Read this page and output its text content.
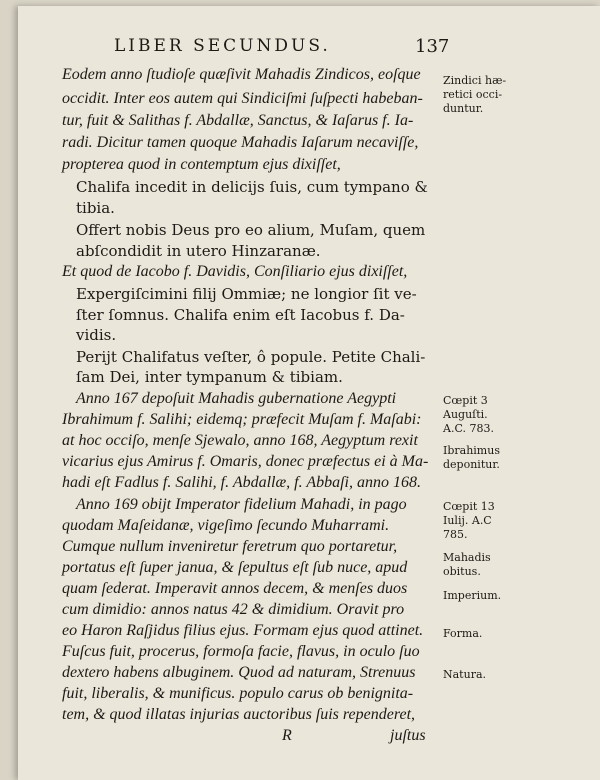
LIBER SECUNDUS.	137
Eodem anno ſtudioſe quæſivit Mahadis Zindicos, eoſque
occidit. Inter eos autem qui Sindiciſmi ſuſpecti habeban-
tur, fuit & Salithas f. Abdallæ, Sanctus, & Iaſarus f. Ia-
radi. Dicitur tamen quoque Mahadis Iaſarum necaviſſe,
propterea quod in contemptum ejus dixiſſet,
Chalifa incedit in delicijs ſuis, cum tympano &
tibia.
Offert nobis Deus pro eo alium, Muſam, quem
abſcondidit in utero Hinzaranæ.
Et quod de Iacobo f. Davidis, Conſiliario ejus dixiſſet,
Expergiſcimini filij Ommiæ; ne longior ſit ve-
ſter ſomnus. Chalifa enim eſt Iacobus f. Da-
vidis.
Perijt Chalifatus veſter, ô popule. Petite Chali-
ſam Dei, inter tympanum & tibiam.
Anno 167 depoſuit Mahadis gubernatione Aegypti
Ibrahimum f. Salihi; eidemq; præfecit Muſam f. Maſabi:
at hoc occiſo, menſe Sjewalo, anno 168, Aegyptum rexit
vicarius ejus Amirus f. Omaris, donec præfectus ei à Ma-
hadi eſt Fadlus f. Salihi, f. Abdallæ, f. Abbaſi, anno 168.
Anno 169 obijt Imperator fidelium Mahadi, in pago
quodam Maſeidanæ, vigeſimo ſecundo Muharrami.
Cumque nullum inveniretur feretrum quo portaretur,
portatus eſt ſuper janua, & ſepultus eſt ſub nuce, apud
quam ſederat. Imperavit annos decem, & menſes duos
cum dimidio: annos natus 42 & dimidium. Oravit pro
eo Haron Raſjidus filius ejus. Formam ejus quod attinet.
Fuſcus fuit, procerus, formoſa facie, flavus, in oculo ſuo
dextero habens albuginem. Quod ad naturam, Strenuus
fuit, liberalis, & munificus. populo carus ob benignita-
tem, & quod illatas injurias auctoribus ſuis rependeret,
Zindici hæ-
retici occi-
duntur.
Cœpit 3
Auguſti.
A.C. 783.
Ibrahimus
deponitur.
Cœpit 13
Iulij. A.C
785.
Mahadis
obitus.
Imperium.
Forma.
Natura.
R	juſtus
